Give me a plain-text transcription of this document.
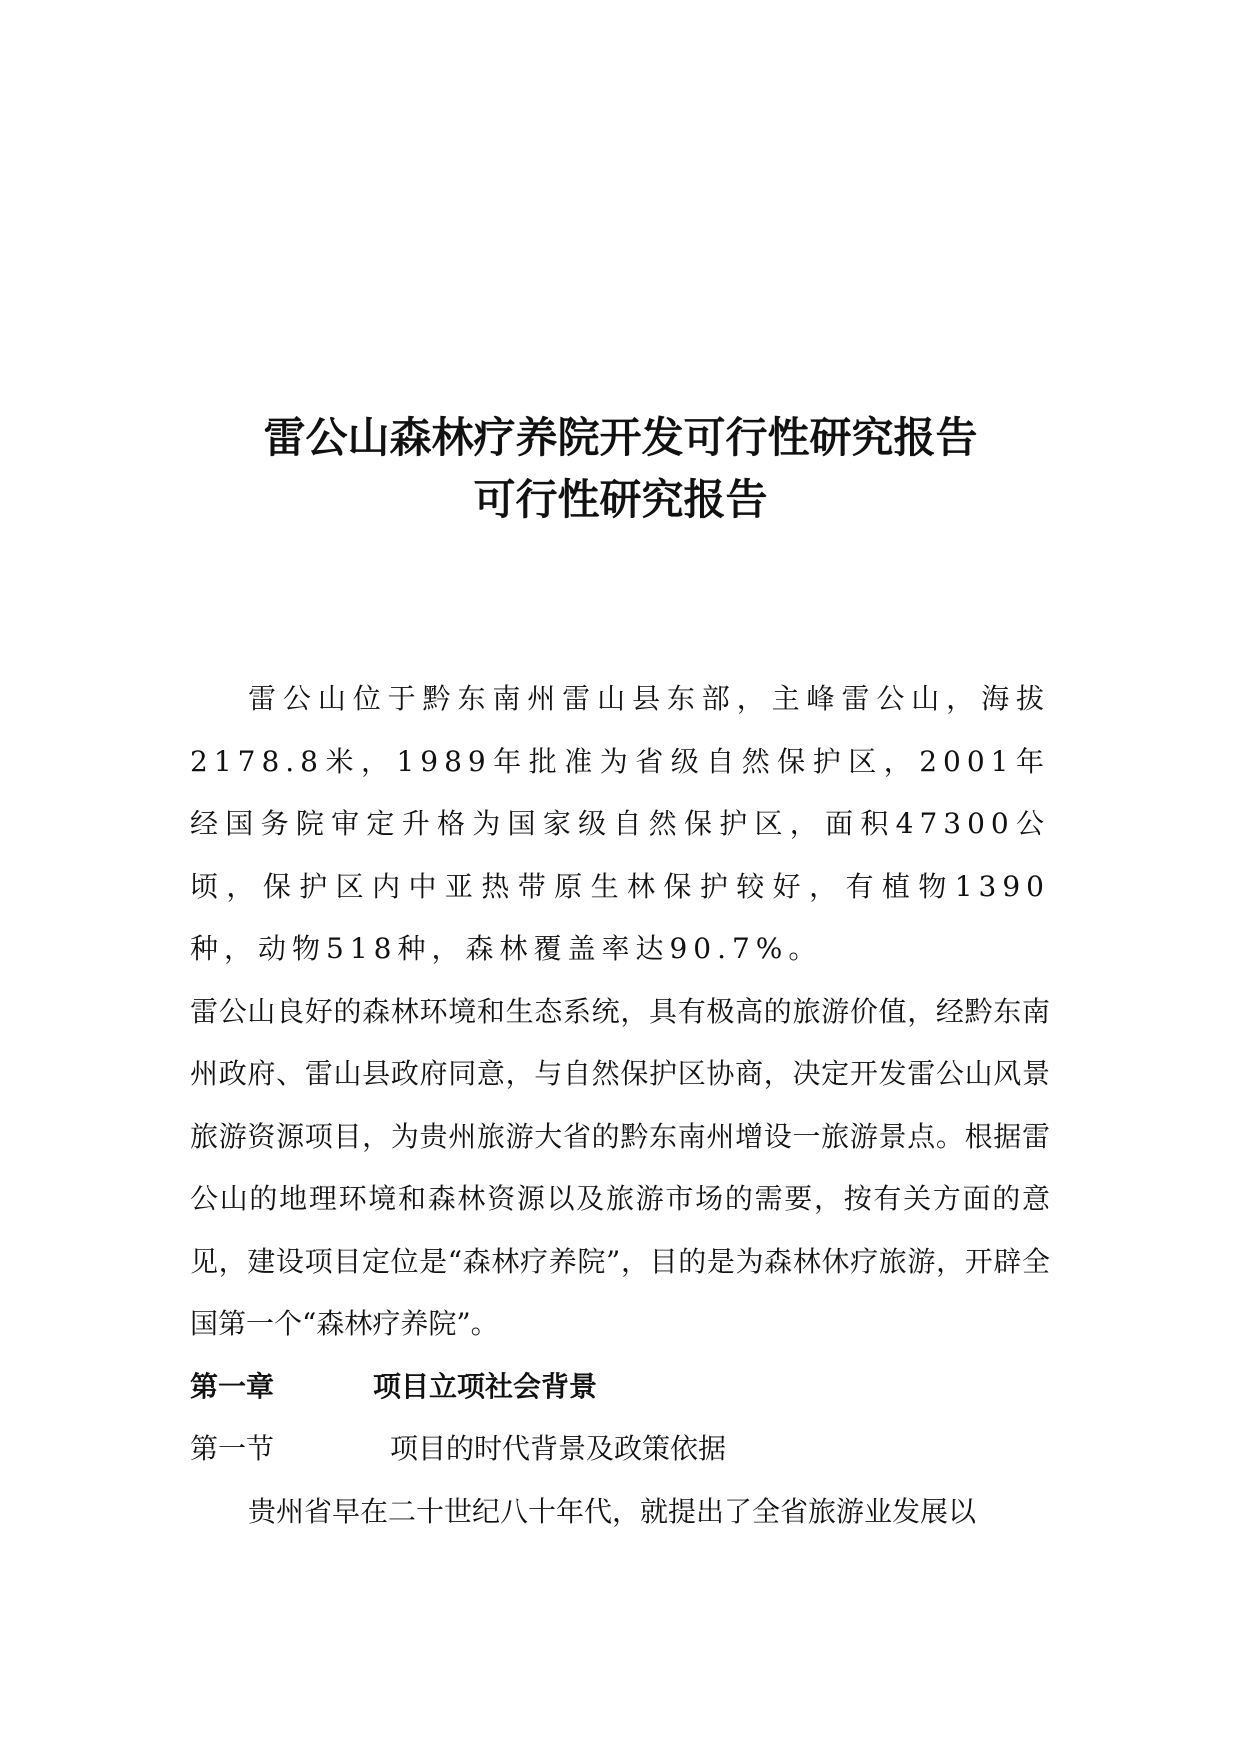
雷公山森林疗养院开发可行性研究报告

可行性研究报告

雷公山位于黔东南州雷山县东部，主峰雷公山，海拔2178.8米，1989年批准为省级自然保护区，2001年经国务院审定升格为国家级自然保护区，面积47300公顷，保护区内中亚热带原生林保护较好，有植物1390种，动物518种，森林覆盖率达90.7%。

雷公山良好的森林环境和生态系统，具有极高的旅游价值，经黔东南州政府、雷山县政府同意，与自然保护区协商，决定开发雷公山风景旅游资源项目，为贵州旅游大省的黔东南州增设一旅游景点。根据雷公山的地理环境和森林资源以及旅游市场的需要，按有关方面的意见，建设项目定位是“森林疗养院”，目的是为森林休疗旅游，开辟全国第一个“森林疗养院”。

第一章	项目立项社会背景

第一节	项目的时代背景及政策依据

贵州省早在二十世纪八十年代，就提出了全省旅游业发展以
